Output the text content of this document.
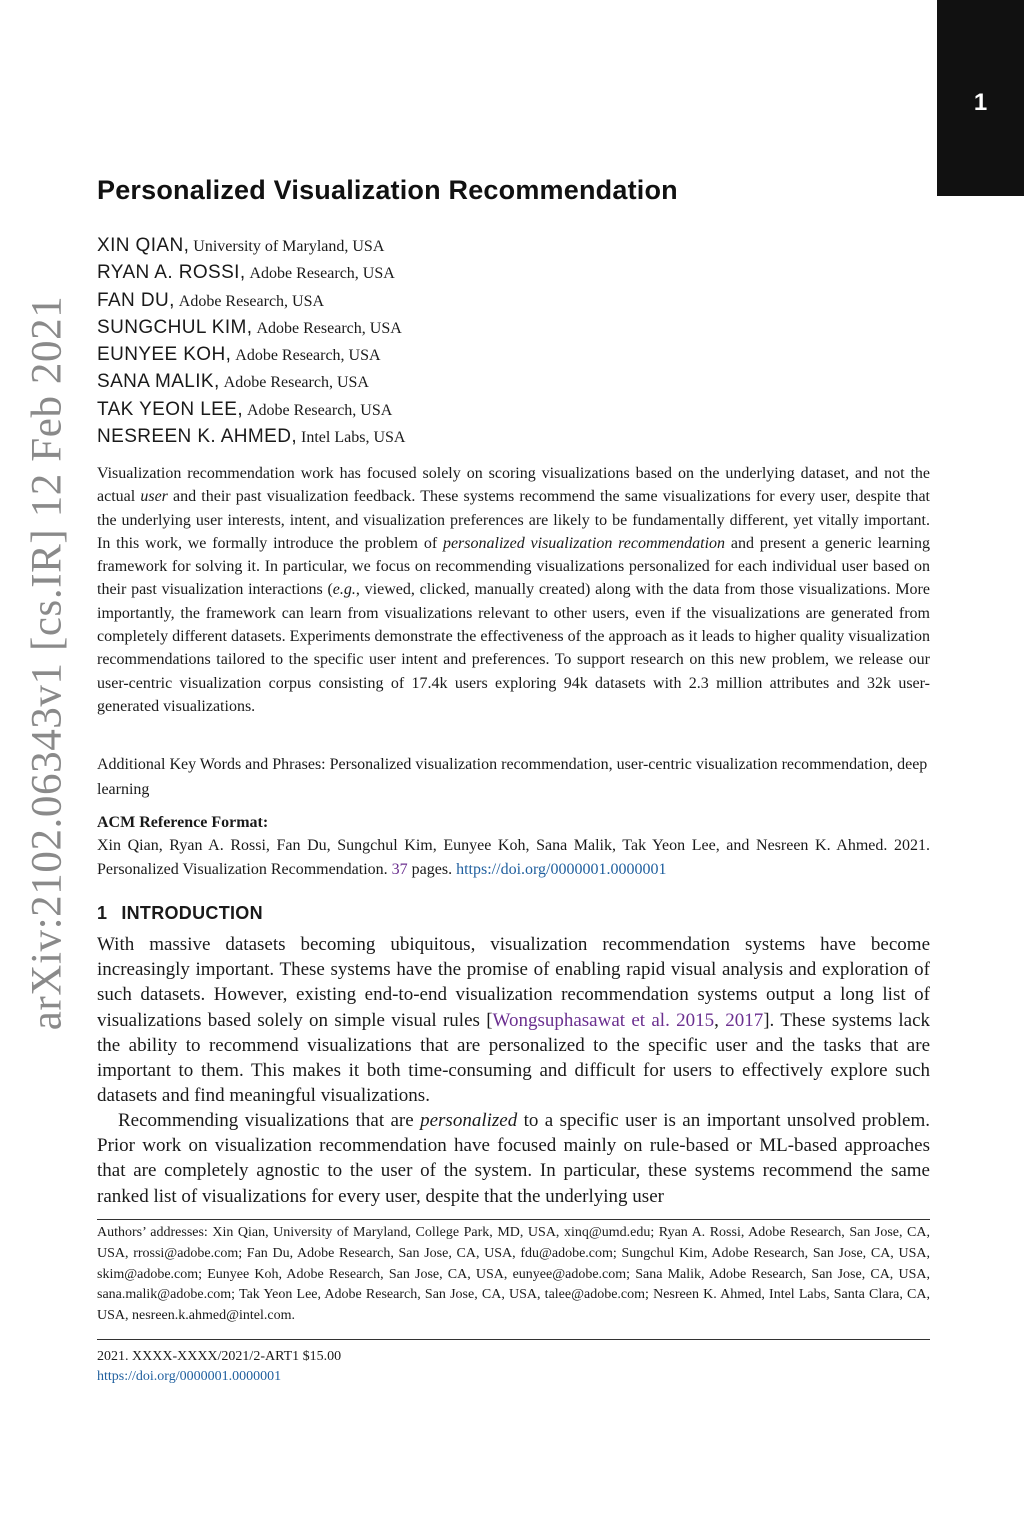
1
arXiv:2102.06343v1 [cs.IR] 12 Feb 2021
Personalized Visualization Recommendation
XIN QIAN, University of Maryland, USA
RYAN A. ROSSI, Adobe Research, USA
FAN DU, Adobe Research, USA
SUNGCHUL KIM, Adobe Research, USA
EUNYEE KOH, Adobe Research, USA
SANA MALIK, Adobe Research, USA
TAK YEON LEE, Adobe Research, USA
NESREEN K. AHMED, Intel Labs, USA

Visualization recommendation work has focused solely on scoring visualizations based on the underlying dataset, and not the actual user and their past visualization feedback. These systems recommend the same visualizations for every user, despite that the underlying user interests, intent, and visualization preferences are likely to be fundamentally different, yet vitally important. In this work, we formally introduce the problem of personalized visualization recommendation and present a generic learning framework for solving it. In particular, we focus on recommending visualizations personalized for each individual user based on their past visualization interactions (e.g., viewed, clicked, manually created) along with the data from those visualizations. More importantly, the framework can learn from visualizations relevant to other users, even if the visualizations are generated from completely different datasets. Experiments demonstrate the effectiveness of the approach as it leads to higher quality visualization recommendations tailored to the specific user intent and preferences. To support research on this new problem, we release our user-centric visualization corpus consisting of 17.4k users exploring 94k datasets with 2.3 million attributes and 32k user-generated visualizations.

Additional Key Words and Phrases: Personalized visualization recommendation, user-centric visualization recommendation, deep learning

ACM Reference Format:

Xin Qian, Ryan A. Rossi, Fan Du, Sungchul Kim, Eunyee Koh, Sana Malik, Tak Yeon Lee, and Nesreen K. Ahmed. 2021. Personalized Visualization Recommendation. 37 pages. https://doi.org/0000001.0000001

1 INTRODUCTION

With massive datasets becoming ubiquitous, visualization recommendation systems have become increasingly important. These systems have the promise of enabling rapid visual analysis and exploration of such datasets. However, existing end-to-end visualization recommendation systems output a long list of visualizations based solely on simple visual rules [Wongsuphasawat et al. 2015, 2017]. These systems lack the ability to recommend visualizations that are personalized to the specific user and the tasks that are important to them. This makes it both time-consuming and difficult for users to effectively explore such datasets and find meaningful visualizations.

Recommending visualizations that are personalized to a specific user is an important unsolved problem. Prior work on visualization recommendation have focused mainly on rule-based or ML-based approaches that are completely agnostic to the user of the system. In particular, these systems recommend the same ranked list of visualizations for every user, despite that the underlying user

Authors’ addresses: Xin Qian, University of Maryland, College Park, MD, USA, xinq@umd.edu; Ryan A. Rossi, Adobe Research, San Jose, CA, USA, rrossi@adobe.com; Fan Du, Adobe Research, San Jose, CA, USA, fdu@adobe.com; Sungchul Kim, Adobe Research, San Jose, CA, USA, skim@adobe.com; Eunyee Koh, Adobe Research, San Jose, CA, USA, eunyee@adobe.com; Sana Malik, Adobe Research, San Jose, CA, USA, sana.malik@adobe.com; Tak Yeon Lee, Adobe Research, San Jose, CA, USA, talee@adobe.com; Nesreen K. Ahmed, Intel Labs, Santa Clara, CA, USA, nesreen.k.ahmed@intel.com.

2021. XXXX-XXXX/2021/2-ART1 $15.00

https://doi.org/0000001.0000001
